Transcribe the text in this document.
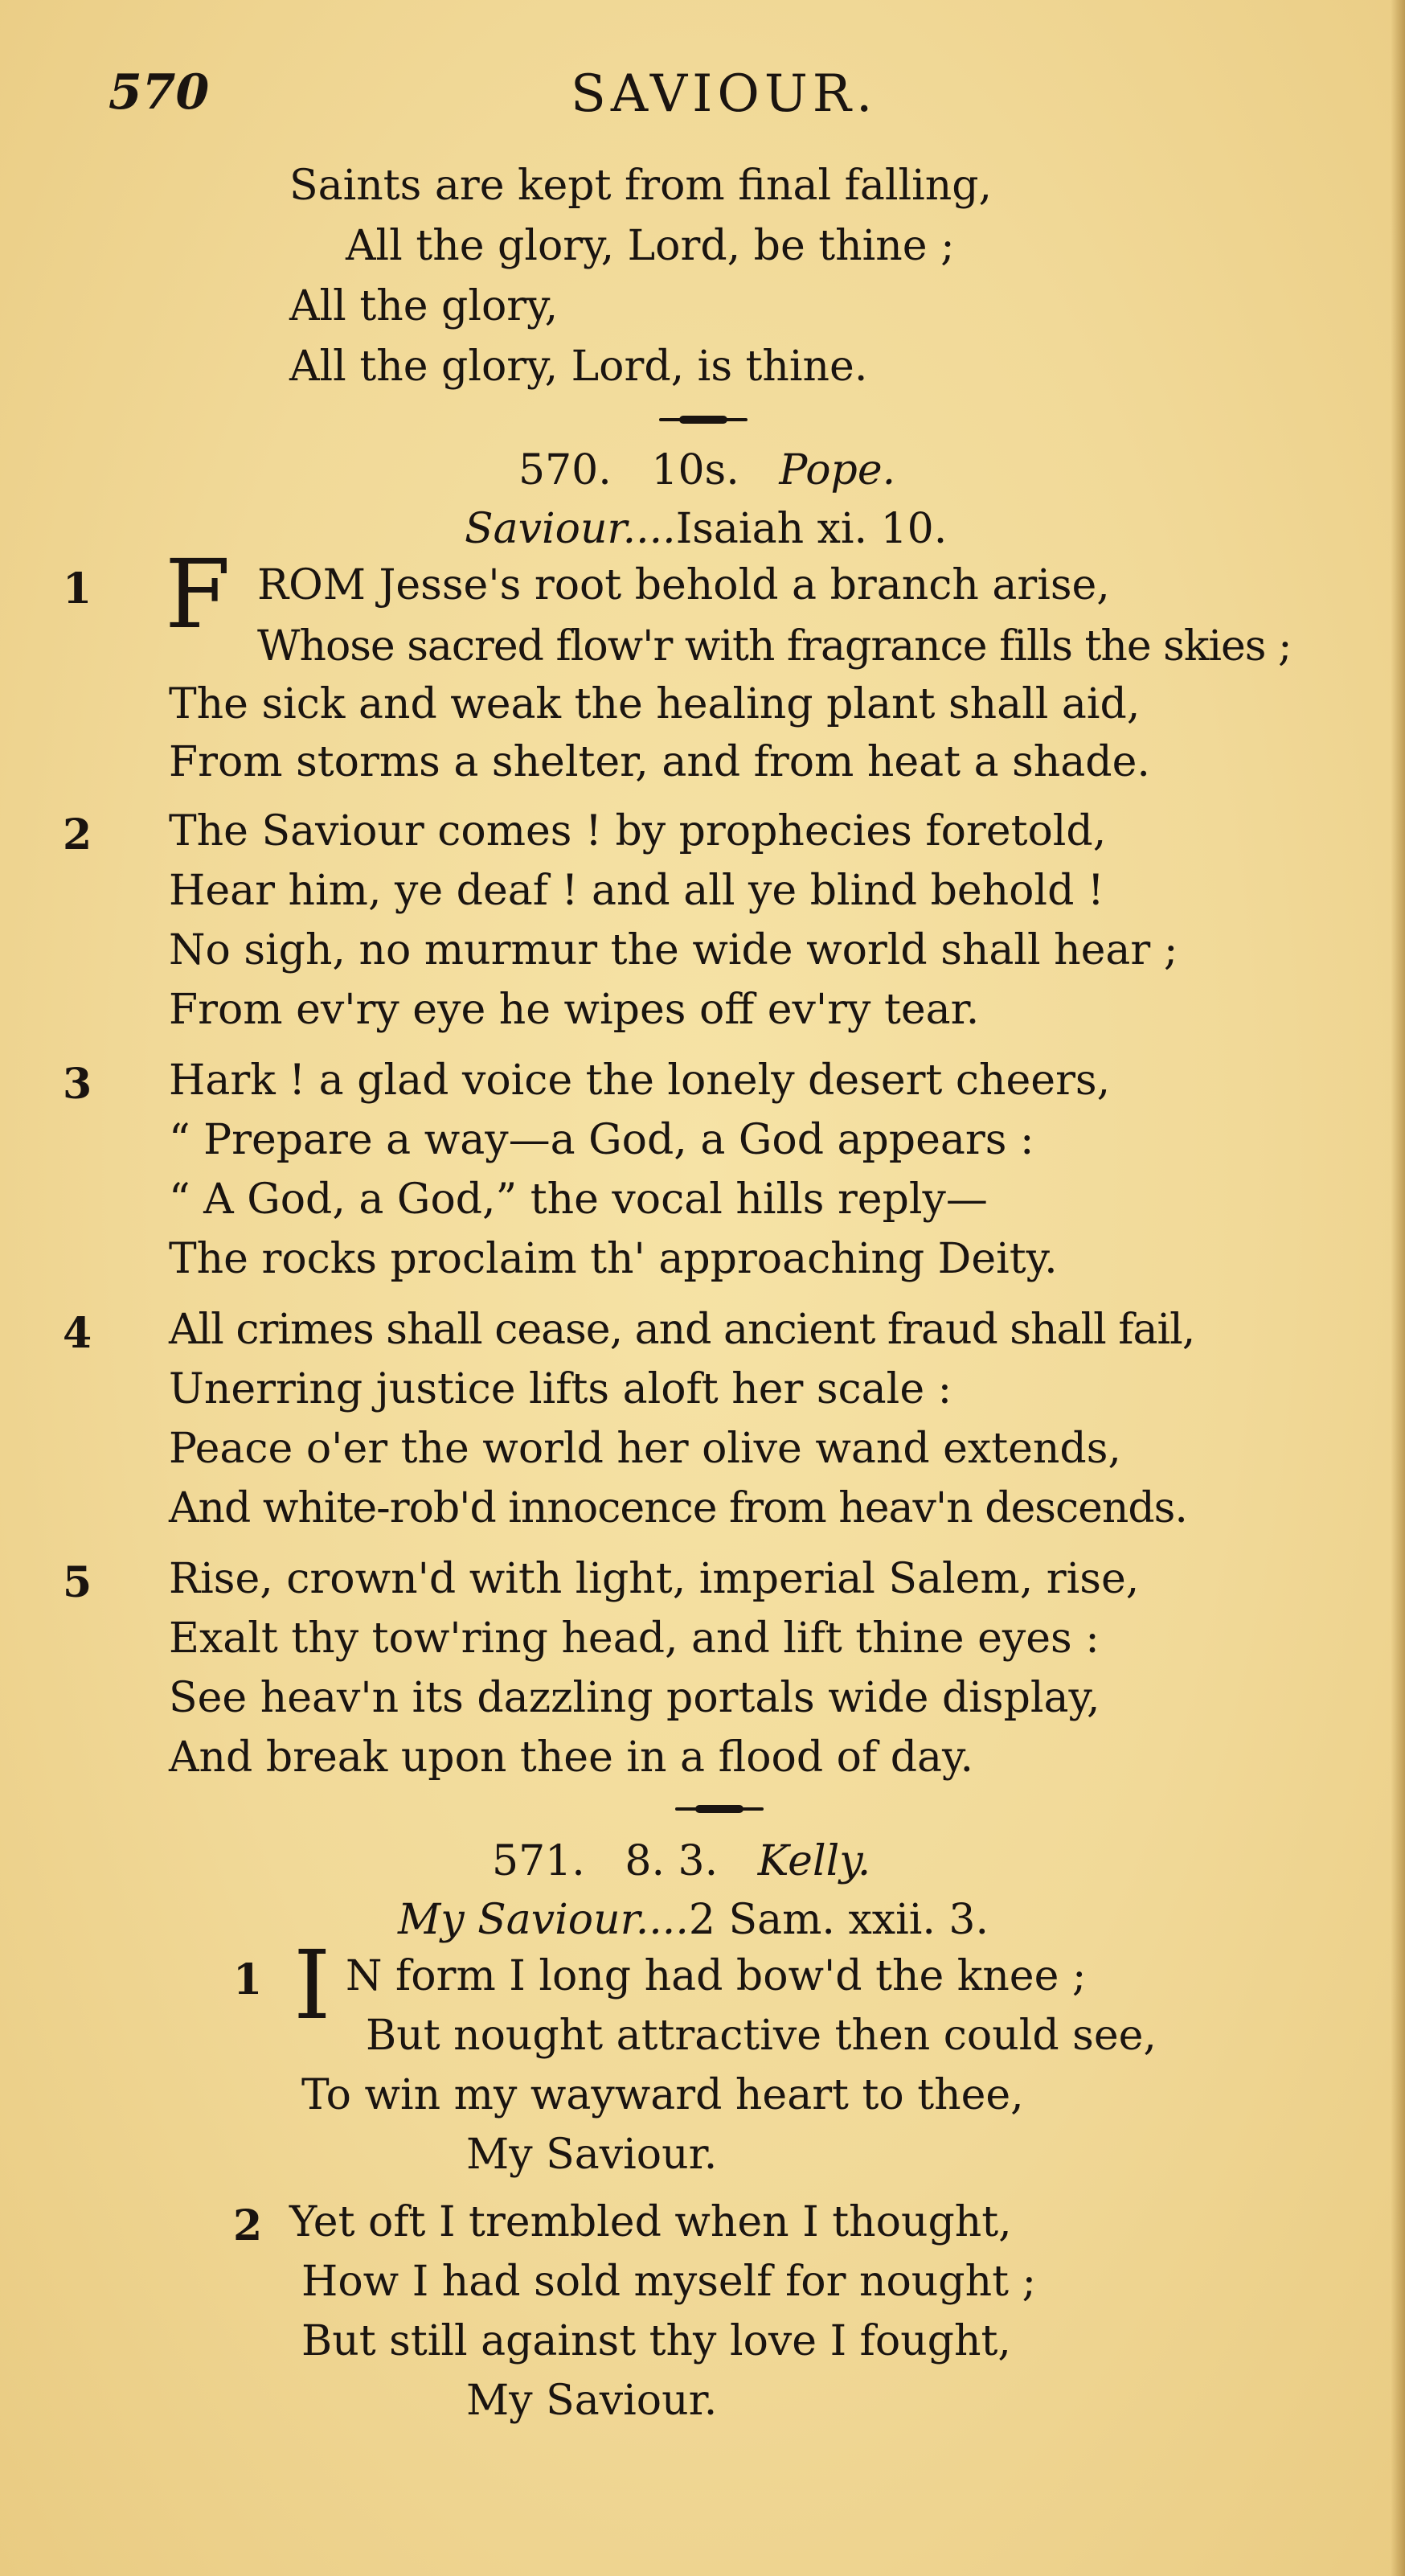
570	SAVIOUR.
Saints are kept from final falling,
All the glory, Lord, be thine ;
All the glory,
All the glory, Lord, is thine.
570. 10s. Pope.
Saviour....Isaiah xi. 10.
1 F ROM Jesse's root behold a branch arise,
Whose sacred flow'r with fragrance fills the skies ;
The sick and weak the healing plant shall aid,
From storms a shelter, and from heat a shade.
2 The Saviour comes ! by prophecies foretold,
Hear him, ye deaf ! and all ye blind behold !
No sigh, no murmur the wide world shall hear ;
From ev'ry eye he wipes off ev'ry tear.
3 Hark ! a glad voice the lonely desert cheers,
“ Prepare a way—a God, a God appears :
“ A God, a God,” the vocal hills reply—
The rocks proclaim th' approaching Deity.
4 All crimes shall cease, and ancient fraud shall fail,
Unerring justice lifts aloft her scale :
Peace o'er the world her olive wand extends,
And white-rob'd innocence from heav'n descends.
5 Rise, crown'd with light, imperial Salem, rise,
Exalt thy tow'ring head, and lift thine eyes :
See heav'n its dazzling portals wide display,
And break upon thee in a flood of day.
571. 8. 3. Kelly.
My Saviour....2 Sam. xxii. 3.
1 I N form I long had bow'd the knee ;
But nought attractive then could see,
To win my wayward heart to thee,
My Saviour.
2 Yet oft I trembled when I thought,
How I had sold myself for nought ;
But still against thy love I fought,
My Saviour.
